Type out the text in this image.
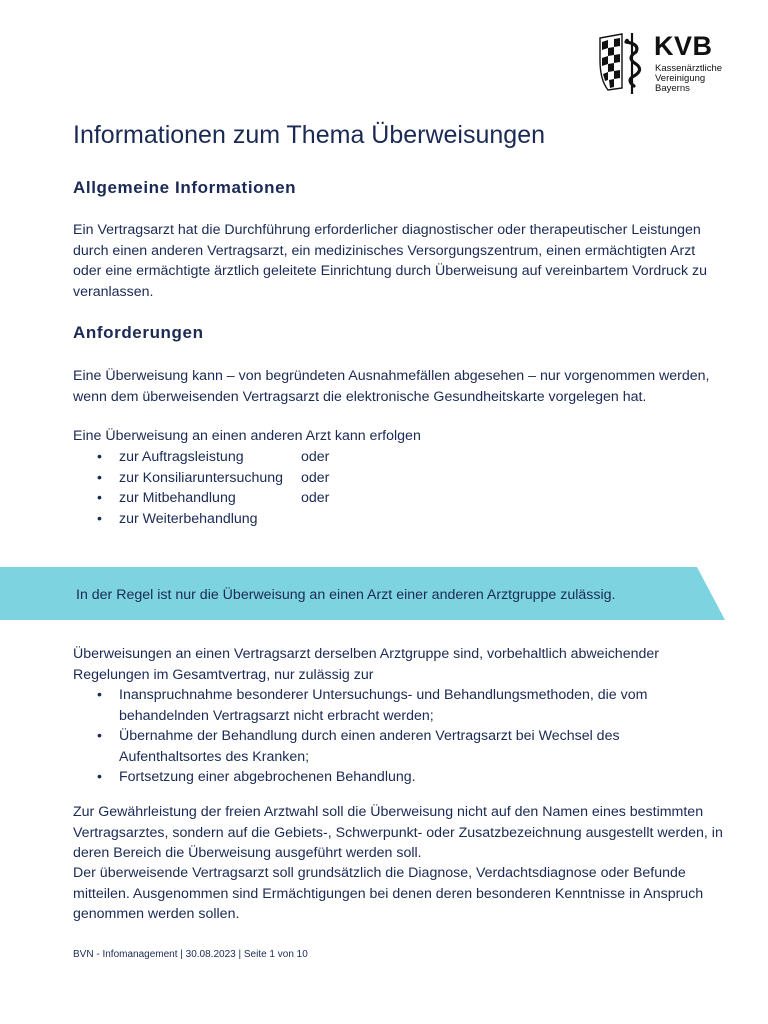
KVB
Kassenärztliche
Vereinigung
Bayerns
Informationen zum Thema Überweisungen
Allgemeine Informationen

Ein Vertragsarzt hat die Durchführung erforderlicher diagnostischer oder therapeutischer Leistungen durch einen anderen Vertragsarzt, ein medizinisches Versorgungszentrum, einen ermächtigten Arzt oder eine ermächtigte ärztlich geleitete Einrichtung durch Überweisung auf vereinbartem Vordruck zu veranlassen.

Anforderungen

Eine Überweisung kann – von begründeten Ausnahmefällen abgesehen – nur vorgenommen werden, wenn dem überweisenden Vertragsarzt die elektronische Gesundheitskarte vorgelegen hat.

Eine Überweisung an einen anderen Arzt kann erfolgen

• zur Auftragsleistung	oder
• zur Konsiliaruntersuchung oder
• zur Mitbehandlung	oder
• zur Weiterbehandlung
In der Regel ist nur die Überweisung an einen Arzt einer anderen Arztgruppe zulässig.

Überweisungen an einen Vertragsarzt derselben Arztgruppe sind, vorbehaltlich abweichender Regelungen im Gesamtvertrag, nur zulässig zur

• Inanspruchnahme besonderer Untersuchungs- und Behandlungsmethoden, die vom behandelnden Vertragsarzt nicht erbracht werden;
• Übernahme der Behandlung durch einen anderen Vertragsarzt bei Wechsel des Aufenthaltsortes des Kranken;
• Fortsetzung einer abgebrochenen Behandlung.

Zur Gewährleistung der freien Arztwahl soll die Überweisung nicht auf den Namen eines bestimmten Vertragsarztes, sondern auf die Gebiets-, Schwerpunkt- oder Zusatzbezeichnung ausgestellt werden, in deren Bereich die Überweisung ausgeführt werden soll.

Der überweisende Vertragsarzt soll grundsätzlich die Diagnose, Verdachtsdiagnose oder Befunde mitteilen. Ausgenommen sind Ermächtigungen bei denen deren besonderen Kenntnisse in Anspruch genommen werden sollen.

BVN - Infomanagement | 30.08.2023 | Seite 1 von 10
